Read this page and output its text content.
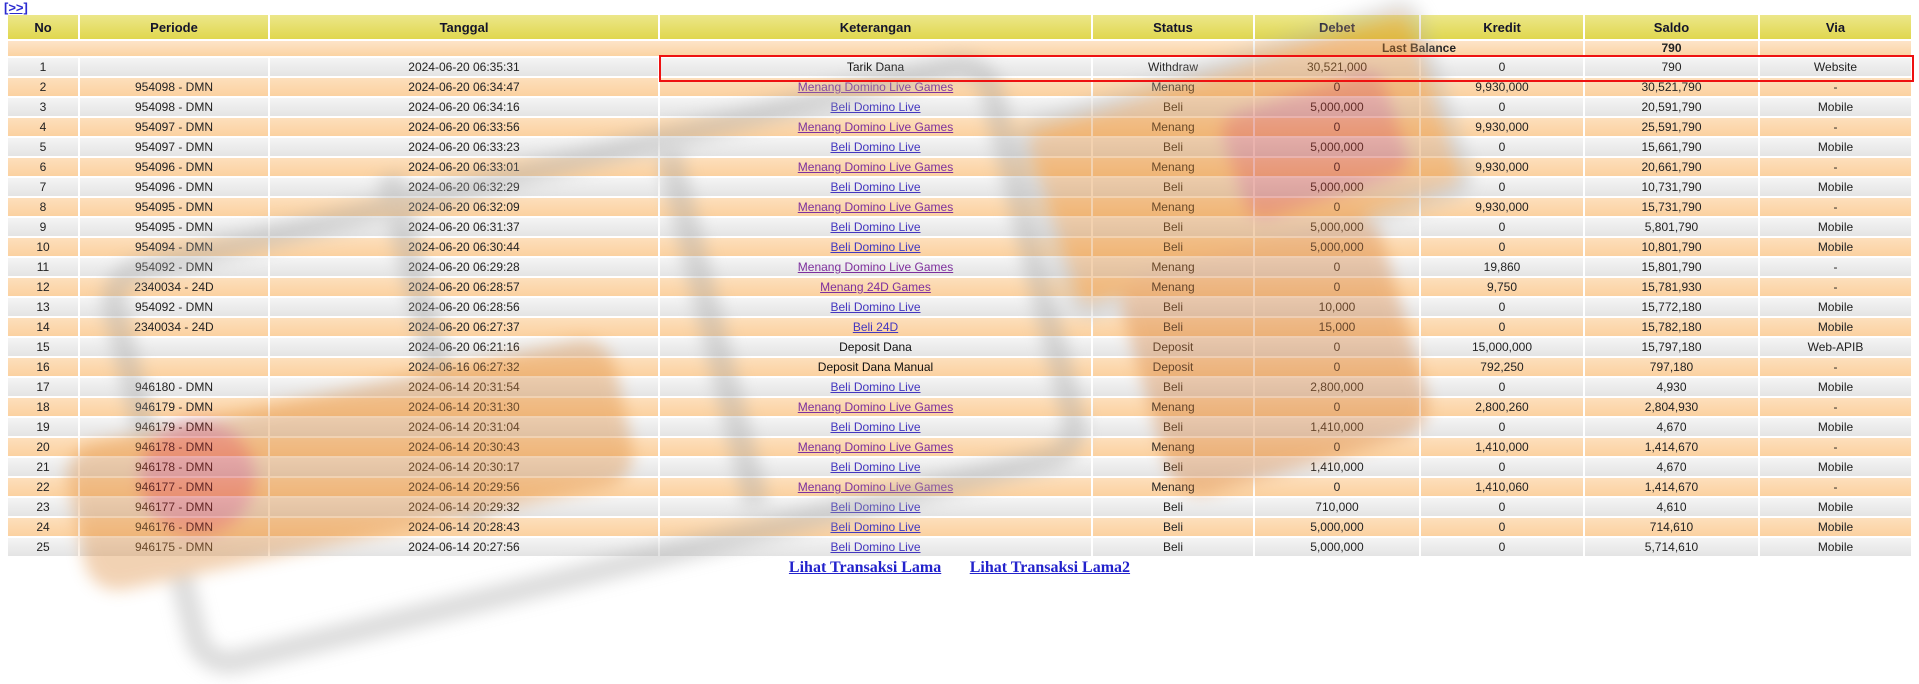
[>>]
No	Periode	Tanggal	Keterangan	Status	Debet	Kredit	Saldo	Via
					Last Balance		790	
1		2024-06-20 06:35:31	Tarik Dana	Withdraw	30,521,000	0	790	Website
2	954098 - DMN	2024-06-20 06:34:47	Menang Domino Live Games	Menang	0	9,930,000	30,521,790	-
3	954098 - DMN	2024-06-20 06:34:16	Beli Domino Live	Beli	5,000,000	0	20,591,790	Mobile
4	954097 - DMN	2024-06-20 06:33:56	Menang Domino Live Games	Menang	0	9,930,000	25,591,790	-
5	954097 - DMN	2024-06-20 06:33:23	Beli Domino Live	Beli	5,000,000	0	15,661,790	Mobile
6	954096 - DMN	2024-06-20 06:33:01	Menang Domino Live Games	Menang	0	9,930,000	20,661,790	-
7	954096 - DMN	2024-06-20 06:32:29	Beli Domino Live	Beli	5,000,000	0	10,731,790	Mobile
8	954095 - DMN	2024-06-20 06:32:09	Menang Domino Live Games	Menang	0	9,930,000	15,731,790	-
9	954095 - DMN	2024-06-20 06:31:37	Beli Domino Live	Beli	5,000,000	0	5,801,790	Mobile
10	954094 - DMN	2024-06-20 06:30:44	Beli Domino Live	Beli	5,000,000	0	10,801,790	Mobile
11	954092 - DMN	2024-06-20 06:29:28	Menang Domino Live Games	Menang	0	19,860	15,801,790	-
12	2340034 - 24D	2024-06-20 06:28:57	Menang 24D Games	Menang	0	9,750	15,781,930	-
13	954092 - DMN	2024-06-20 06:28:56	Beli Domino Live	Beli	10,000	0	15,772,180	Mobile
14	2340034 - 24D	2024-06-20 06:27:37	Beli 24D	Beli	15,000	0	15,782,180	Mobile
15		2024-06-20 06:21:16	Deposit Dana	Deposit	0	15,000,000	15,797,180	Web-APIB
16		2024-06-16 06:27:32	Deposit Dana Manual	Deposit	0	792,250	797,180	-
17	946180 - DMN	2024-06-14 20:31:54	Beli Domino Live	Beli	2,800,000	0	4,930	Mobile
18	946179 - DMN	2024-06-14 20:31:30	Menang Domino Live Games	Menang	0	2,800,260	2,804,930	-
19	946179 - DMN	2024-06-14 20:31:04	Beli Domino Live	Beli	1,410,000	0	4,670	Mobile
20	946178 - DMN	2024-06-14 20:30:43	Menang Domino Live Games	Menang	0	1,410,000	1,414,670	-
21	946178 - DMN	2024-06-14 20:30:17	Beli Domino Live	Beli	1,410,000	0	4,670	Mobile
22	946177 - DMN	2024-06-14 20:29:56	Menang Domino Live Games	Menang	0	1,410,060	1,414,670	-
23	946177 - DMN	2024-06-14 20:29:32	Beli Domino Live	Beli	710,000	0	4,610	Mobile
24	946176 - DMN	2024-06-14 20:28:43	Beli Domino Live	Beli	5,000,000	0	714,610	Mobile
25	946175 - DMN	2024-06-14 20:27:56	Beli Domino Live	Beli	5,000,000	0	5,714,610	Mobile
Lihat Transaksi Lama Lihat Transaksi Lama2
